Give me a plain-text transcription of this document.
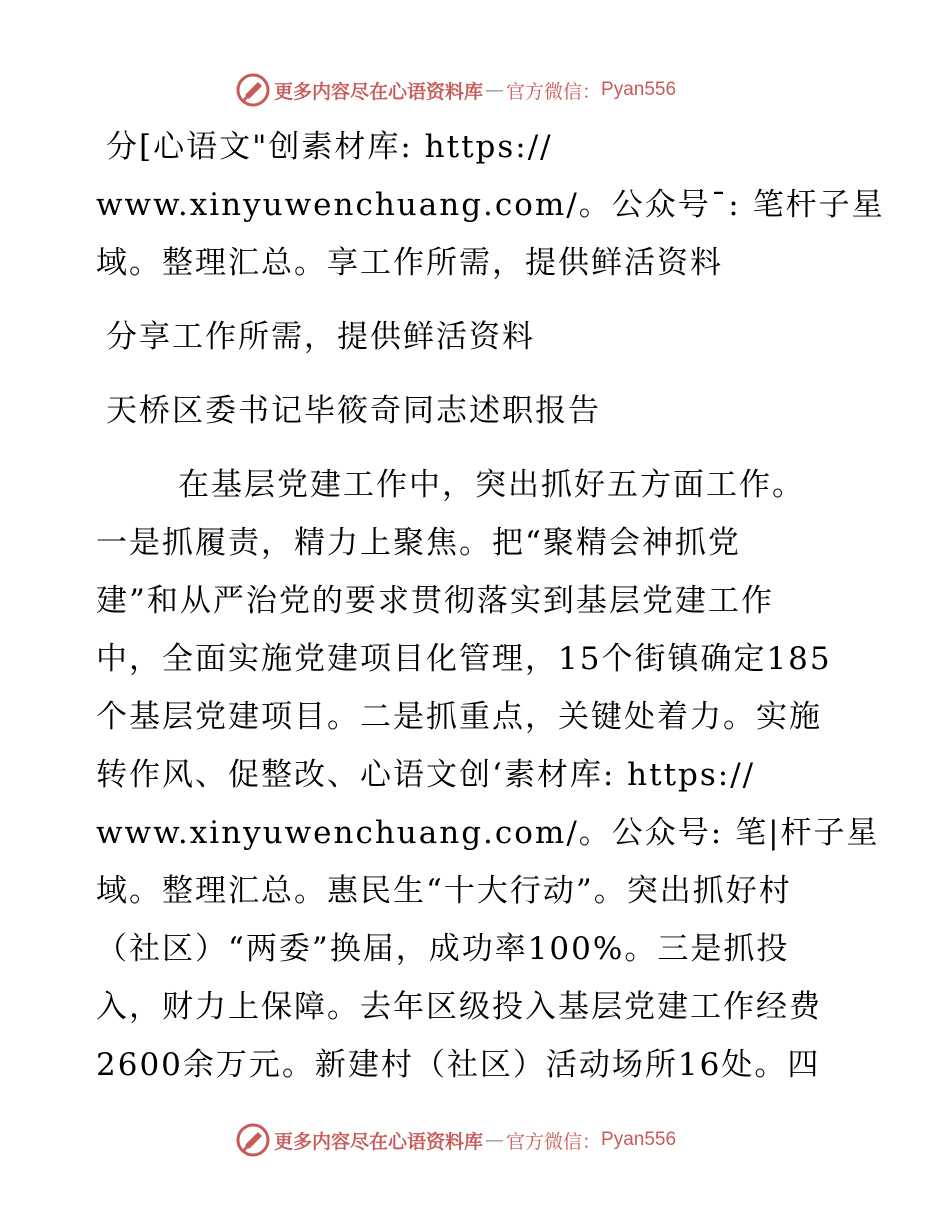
更多内容尽在心语资料库 — 官方微信： Pyan556
分[心语文"创素材库: https://
www.xinyuwenchuang.com/。公众号¯: 笔杆子星
域。整理汇总。享工作所需，提供鲜活资料
分享工作所需，提供鲜活资料
天桥区委书记毕筱奇同志述职报告
在基层党建工作中，突出抓好五方面工作。
一是抓履责，精力上聚焦。把“聚精会神抓党
建”和从严治党的要求贯彻落实到基层党建工作
中，全面实施党建项目化管理，15个街镇确定185
个基层党建项目。二是抓重点，关键处着力。实施
转作风、促整改、心语文创‘素材库: https://
www.xinyuwenchuang.com/。公众号: 笔|杆子星
域。整理汇总。惠民生“十大行动”。突出抓好村
（社区）“两委”换届，成功率100%。三是抓投
入，财力上保障。去年区级投入基层党建工作经费
2600余万元。新建村（社区）活动场所16处。四
更多内容尽在心语资料库 — 官方微信： Pyan556
